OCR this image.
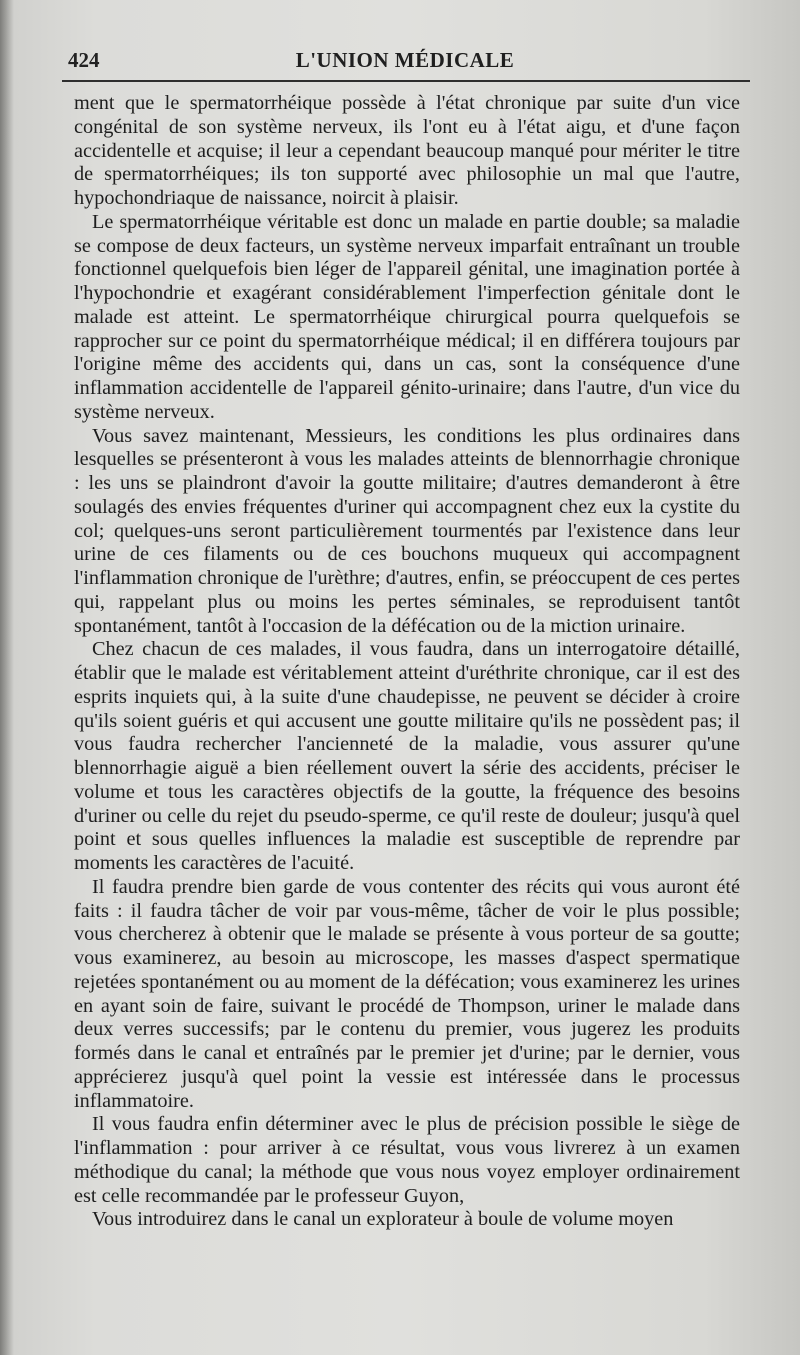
424	L'UNION MÉDICALE

ment que le spermatorrhéique possède à l'état chronique par suite d'un vice congénital de son système nerveux, ils l'ont eu à l'état aigu, et d'une façon accidentelle et acquise; il leur a cependant beaucoup manqué pour mériter le titre de spermatorrhéiques; ils ton supporté avec philosophie un mal que l'autre, hypochondriaque de naissance, noircit à plaisir.

Le spermatorrhéique véritable est donc un malade en partie double; sa maladie se compose de deux facteurs, un système nerveux imparfait entraînant un trouble fonctionnel quelquefois bien léger de l'appareil génital, une imagination portée à l'hypochondrie et exagérant considérablement l'imperfection génitale dont le malade est atteint. Le spermatorrhéique chirurgical pourra quelquefois se rapprocher sur ce point du spermatorrhéique médical; il en différera toujours par l'origine même des accidents qui, dans un cas, sont la conséquence d'une inflammation accidentelle de l'appareil génito-urinaire; dans l'autre, d'un vice du système nerveux.

Vous savez maintenant, Messieurs, les conditions les plus ordinaires dans lesquelles se présenteront à vous les malades atteints de blennorrhagie chronique : les uns se plaindront d'avoir la goutte militaire; d'autres demanderont à être soulagés des envies fréquentes d'uriner qui accompagnent chez eux la cystite du col; quelques-uns seront particulièrement tourmentés par l'existence dans leur urine de ces filaments ou de ces bouchons muqueux qui accompagnent l'inflammation chronique de l'urèthre; d'autres, enfin, se préoccupent de ces pertes qui, rappelant plus ou moins les pertes séminales, se reproduisent tantôt spontanément, tantôt à l'occasion de la défécation ou de la miction urinaire.

Chez chacun de ces malades, il vous faudra, dans un interrogatoire détaillé, établir que le malade est véritablement atteint d'uréthrite chronique, car il est des esprits inquiets qui, à la suite d'une chaudepisse, ne peuvent se décider à croire qu'ils soient guéris et qui accusent une goutte militaire qu'ils ne possèdent pas; il vous faudra rechercher l'ancienneté de la maladie, vous assurer qu'une blennorrhagie aiguë a bien réellement ouvert la série des accidents, préciser le volume et tous les caractères objectifs de la goutte, la fréquence des besoins d'uriner ou celle du rejet du pseudo-sperme, ce qu'il reste de douleur; jusqu'à quel point et sous quelles influences la maladie est susceptible de reprendre par moments les caractères de l'acuité.

Il faudra prendre bien garde de vous contenter des récits qui vous auront été faits : il faudra tâcher de voir par vous-même, tâcher de voir le plus possible; vous chercherez à obtenir que le malade se présente à vous porteur de sa goutte; vous examinerez, au besoin au microscope, les masses d'aspect spermatique rejetées spontanément ou au moment de la défécation; vous examinerez les urines en ayant soin de faire, suivant le procédé de Thompson, uriner le malade dans deux verres successifs; par le contenu du premier, vous jugerez les produits formés dans le canal et entraînés par le premier jet d'urine; par le dernier, vous apprécierez jusqu'à quel point la vessie est intéressée dans le processus inflammatoire.

Il vous faudra enfin déterminer avec le plus de précision possible le siège de l'inflammation : pour arriver à ce résultat, vous vous livrerez à un examen méthodique du canal; la méthode que vous nous voyez employer ordinairement est celle recommandée par le professeur Guyon,

Vous introduirez dans le canal un explorateur à boule de volume moyen
